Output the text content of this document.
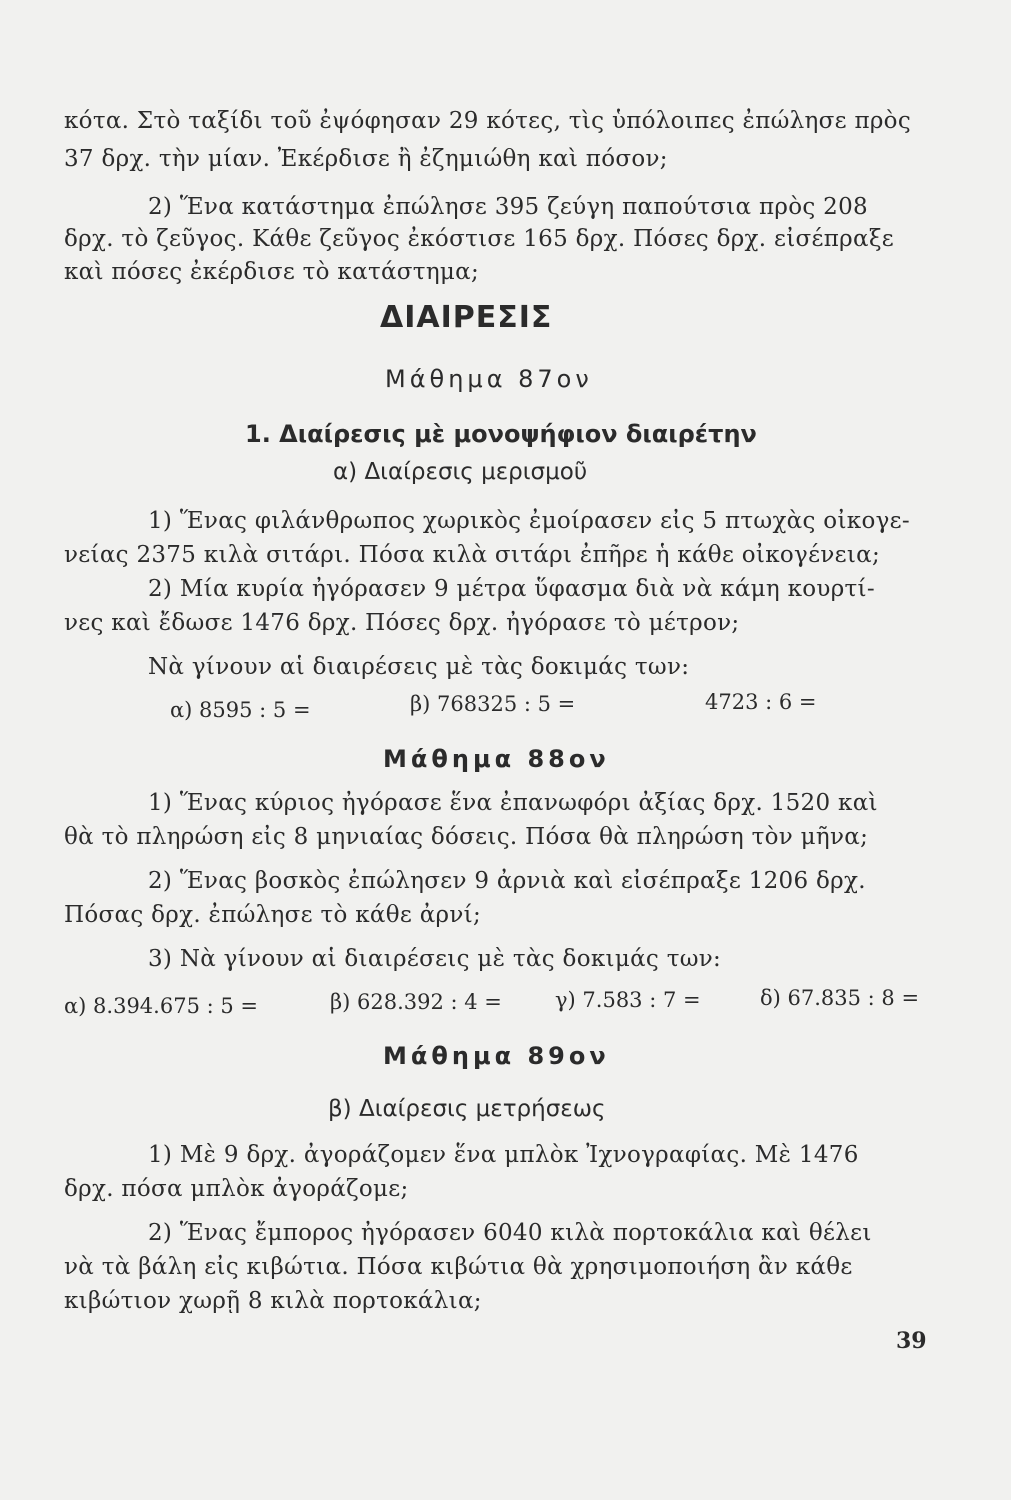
κότα. Στὸ ταξίδι τοῦ ἐψόφησαν 29 κότες, τὶς ὑπόλοιπες ἐπώλησε πρὸς
37 δρχ. τὴν μίαν. Ἐκέρδισε ἢ ἐζημιώθη καὶ πόσον;
2) Ἕνα κατάστημα ἐπώλησε 395 ζεύγη παπούτσια πρὸς 208
δρχ. τὸ ζεῦγος. Κάθε ζεῦγος ἐκόστισε 165 δρχ. Πόσες δρχ. εἰσέπραξε
καὶ πόσες ἐκέρδισε τὸ κατάστημα;
ΔΙΑΙΡΕΣΙΣ
Μάθημα 87ον
1. Διαίρεσις μὲ μονοψήφιον διαιρέτην
α) Διαίρεσις μερισμοῦ
1) Ἕνας φιλάνθρωπος χωρικὸς ἐμοίρασεν εἰς 5 πτωχὰς οἰκογε-
νείας 2375 κιλὰ σιτάρι. Πόσα κιλὰ σιτάρι ἐπῆρε ἡ κάθε οἰκογένεια;
2) Μία κυρία ἠγόρασεν 9 μέτρα ὕφασμα διὰ νὰ κάμη κουρτί-
νες καὶ ἔδωσε 1476 δρχ. Πόσες δρχ. ἠγόρασε τὸ μέτρον;
Νὰ γίνουν αἱ διαιρέσεις μὲ τὰς δοκιμάς των:
α) 8595 : 5 =	β) 768325 : 5 =	4723 : 6 =
Μάθημα 88ον
1) Ἕνας κύριος ἠγόρασε ἕνα ἐπανωφόρι ἀξίας δρχ. 1520 καὶ
θὰ τὸ πληρώση εἰς 8 μηνιαίας δόσεις. Πόσα θὰ πληρώση τὸν μῆνα;
2) Ἕνας βοσκὸς ἐπώλησεν 9 ἀρνιὰ καὶ εἰσέπραξε 1206 δρχ.
Πόσας δρχ. ἐπώλησε τὸ κάθε ἀρνί;
3) Νὰ γίνουν αἱ διαιρέσεις μὲ τὰς δοκιμάς των:
α) 8.394.675 : 5 =	β) 628.392 : 4 =	γ) 7.583 : 7 =	δ) 67.835 : 8 =
Μάθημα 89ον
β) Διαίρεσις μετρήσεως
1) Μὲ 9 δρχ. ἀγοράζομεν ἕνα μπλὸκ Ἰχνογραφίας. Μὲ 1476
δρχ. πόσα μπλὸκ ἀγοράζομε;
2) Ἕνας ἔμπορος ἠγόρασεν 6040 κιλὰ πορτοκάλια καὶ θέλει
νὰ τὰ βάλη εἰς κιβώτια. Πόσα κιβώτια θὰ χρησιμοποιήση ἂν κάθε
κιβώτιον χωρῇ 8 κιλὰ πορτοκάλια;
39
